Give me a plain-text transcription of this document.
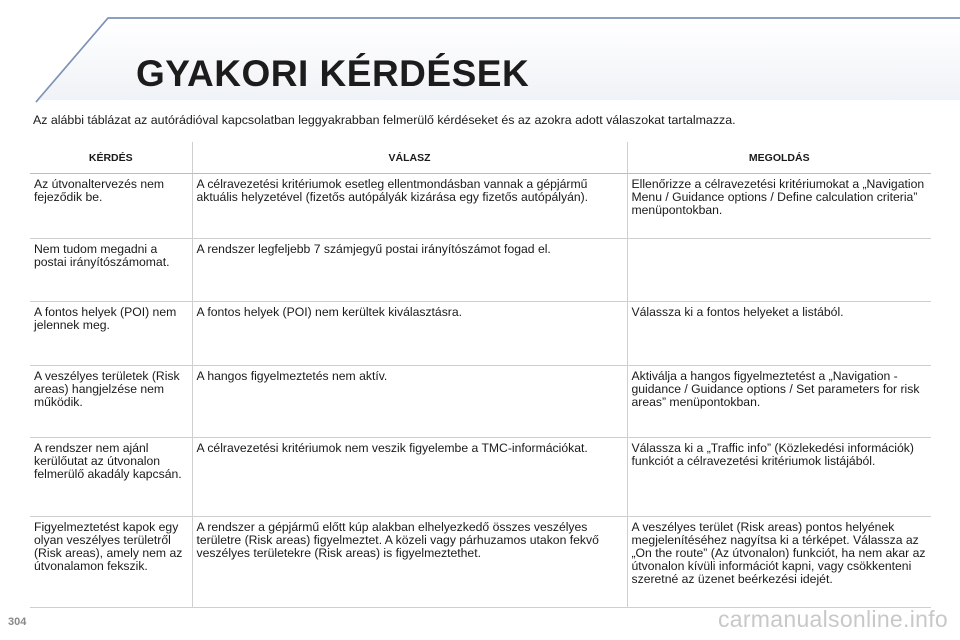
GYAKORI KÉRDÉSEK
Az alábbi táblázat az autórádióval kapcsolatban leggyakrabban felmerülő kérdéseket és az azokra adott válaszokat tartalmazza.
KÉRDÉS	VÁLASZ	MEGOLDÁS
Az útvonaltervezés nem fejeződik be.	A célravezetési kritériumok esetleg ellentmondásban vannak a gépjármű aktuális helyzetével (fizetős autópályák kizárása egy fizetős autópályán).	Ellenőrizze a célravezetési kritériumokat a „Navigation Menu / Guidance options / Define calculation criteria” menüpontokban.
Nem tudom megadni a postai irányítószámomat.	A rendszer legfeljebb 7 számjegyű postai irányítószámot fogad el.	
A fontos helyek (POI) nem jelennek meg.	A fontos helyek (POI) nem kerültek kiválasztásra.	Válassza ki a fontos helyeket a listából.
A veszélyes területek (Risk areas) hangjelzése nem működik.	A hangos figyelmeztetés nem aktív.	Aktiválja a hangos figyelmeztetést a „Navigation - guidance / Guidance options / Set parameters for risk areas” menüpontokban.
A rendszer nem ajánl kerülőutat az útvonalon felmerülő akadály kapcsán.	A célravezetési kritériumok nem veszik figyelembe a TMC-információkat.	Válassza ki a „Traffic info” (Közlekedési információk) funkciót a célravezetési kritériumok listájából.
Figyelmeztetést kapok egy olyan veszélyes területről (Risk areas), amely nem az útvonalamon fekszik.	A rendszer a gépjármű előtt kúp alakban elhelyezkedő összes veszélyes területre (Risk areas) figyelmeztet. A közeli vagy párhuzamos utakon fekvő veszélyes területekre (Risk areas) is figyelmeztethet.	A veszélyes terület (Risk areas) pontos helyének megjelenítéséhez nagyítsa ki a térképet. Válassza az „On the route” (Az útvonalon) funkciót, ha nem akar az útvonalon kívüli információt kapni, vagy csökkenteni szeretné az üzenet beérkezési idejét.
304	carmanualsonline.info
